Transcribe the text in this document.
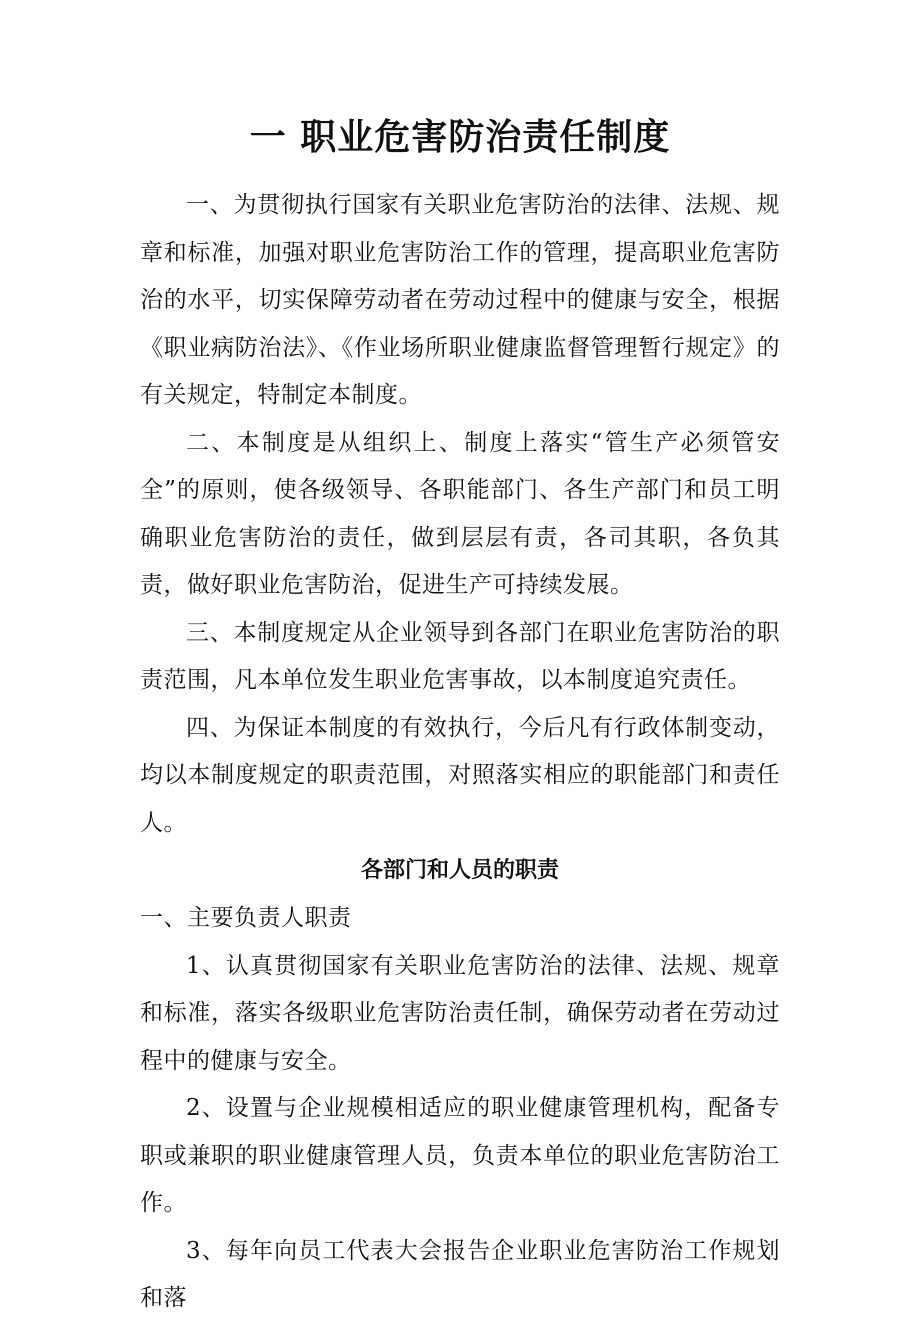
一 职业危害防治责任制度

一、为贯彻执行国家有关职业危害防治的法律、法规、规章和标准，加强对职业危害防治工作的管理，提高职业危害防治的水平，切实保障劳动者在劳动过程中的健康与安全，根据《职业病防治法》、《作业场所职业健康监督管理暂行规定》的有关规定，特制定本制度。

二、本制度是从组织上、制度上落实“管生产必须管安全”的原则，使各级领导、各职能部门、各生产部门和员工明确职业危害防治的责任，做到层层有责，各司其职，各负其责，做好职业危害防治，促进生产可持续发展。

三、本制度规定从企业领导到各部门在职业危害防治的职责范围，凡本单位发生职业危害事故，以本制度追究责任。

四、为保证本制度的有效执行，今后凡有行政体制变动，均以本制度规定的职责范围，对照落实相应的职能部门和责任人。

各部门和人员的职责

一、主要负责人职责

1、认真贯彻国家有关职业危害防治的法律、法规、规章和标准，落实各级职业危害防治责任制，确保劳动者在劳动过程中的健康与安全。

2、设置与企业规模相适应的职业健康管理机构，配备专职或兼职的职业健康管理人员，负责本单位的职业危害防治工作。

3、每年向员工代表大会报告企业职业危害防治工作规划和落
